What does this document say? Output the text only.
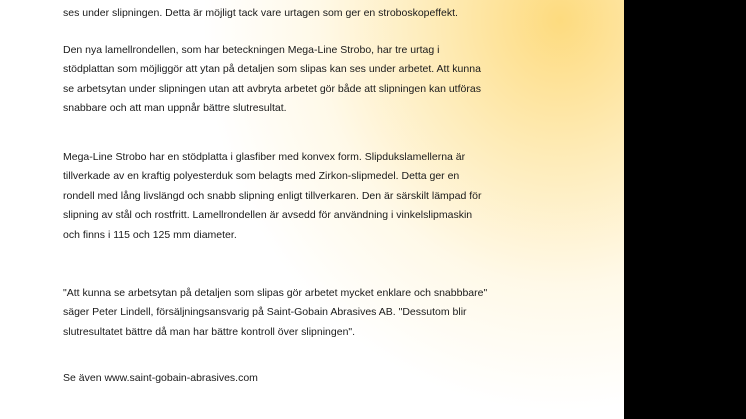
ses under slipningen. Detta är möjligt tack vare urtagen som ger en stroboskopeffekt.

Den nya lamellrondellen, som har beteckningen Mega-Line Strobo, har tre urtag i

stödplattan som möjliggör att ytan på detaljen som slipas kan ses under arbetet. Att kunna

se arbetsytan under slipningen utan att avbryta arbetet gör både att slipningen kan utföras

snabbare och att man uppnår bättre slutresultat.

Mega-Line Strobo har en stödplatta i glasfiber med konvex form. Slipdukslamellerna är

tillverkade av en kraftig polyesterduk som belagts med Zirkon-slipmedel. Detta ger en

rondell med lång livslängd och snabb slipning enligt tillverkaren. Den är särskilt lämpad för

slipning av stål och rostfritt. Lamellrondellen är avsedd för användning i vinkelslipmaskin

och finns i 115 och 125 mm diameter.

"Att kunna se arbetsytan på detaljen som slipas gör arbetet mycket enklare och snabbbare"

säger Peter Lindell, försäljningsansvarig på Saint-Gobain Abrasives AB. "Dessutom blir

slutresultatet bättre då man har bättre kontroll över slipningen".

Se även www.saint-gobain-abrasives.com
